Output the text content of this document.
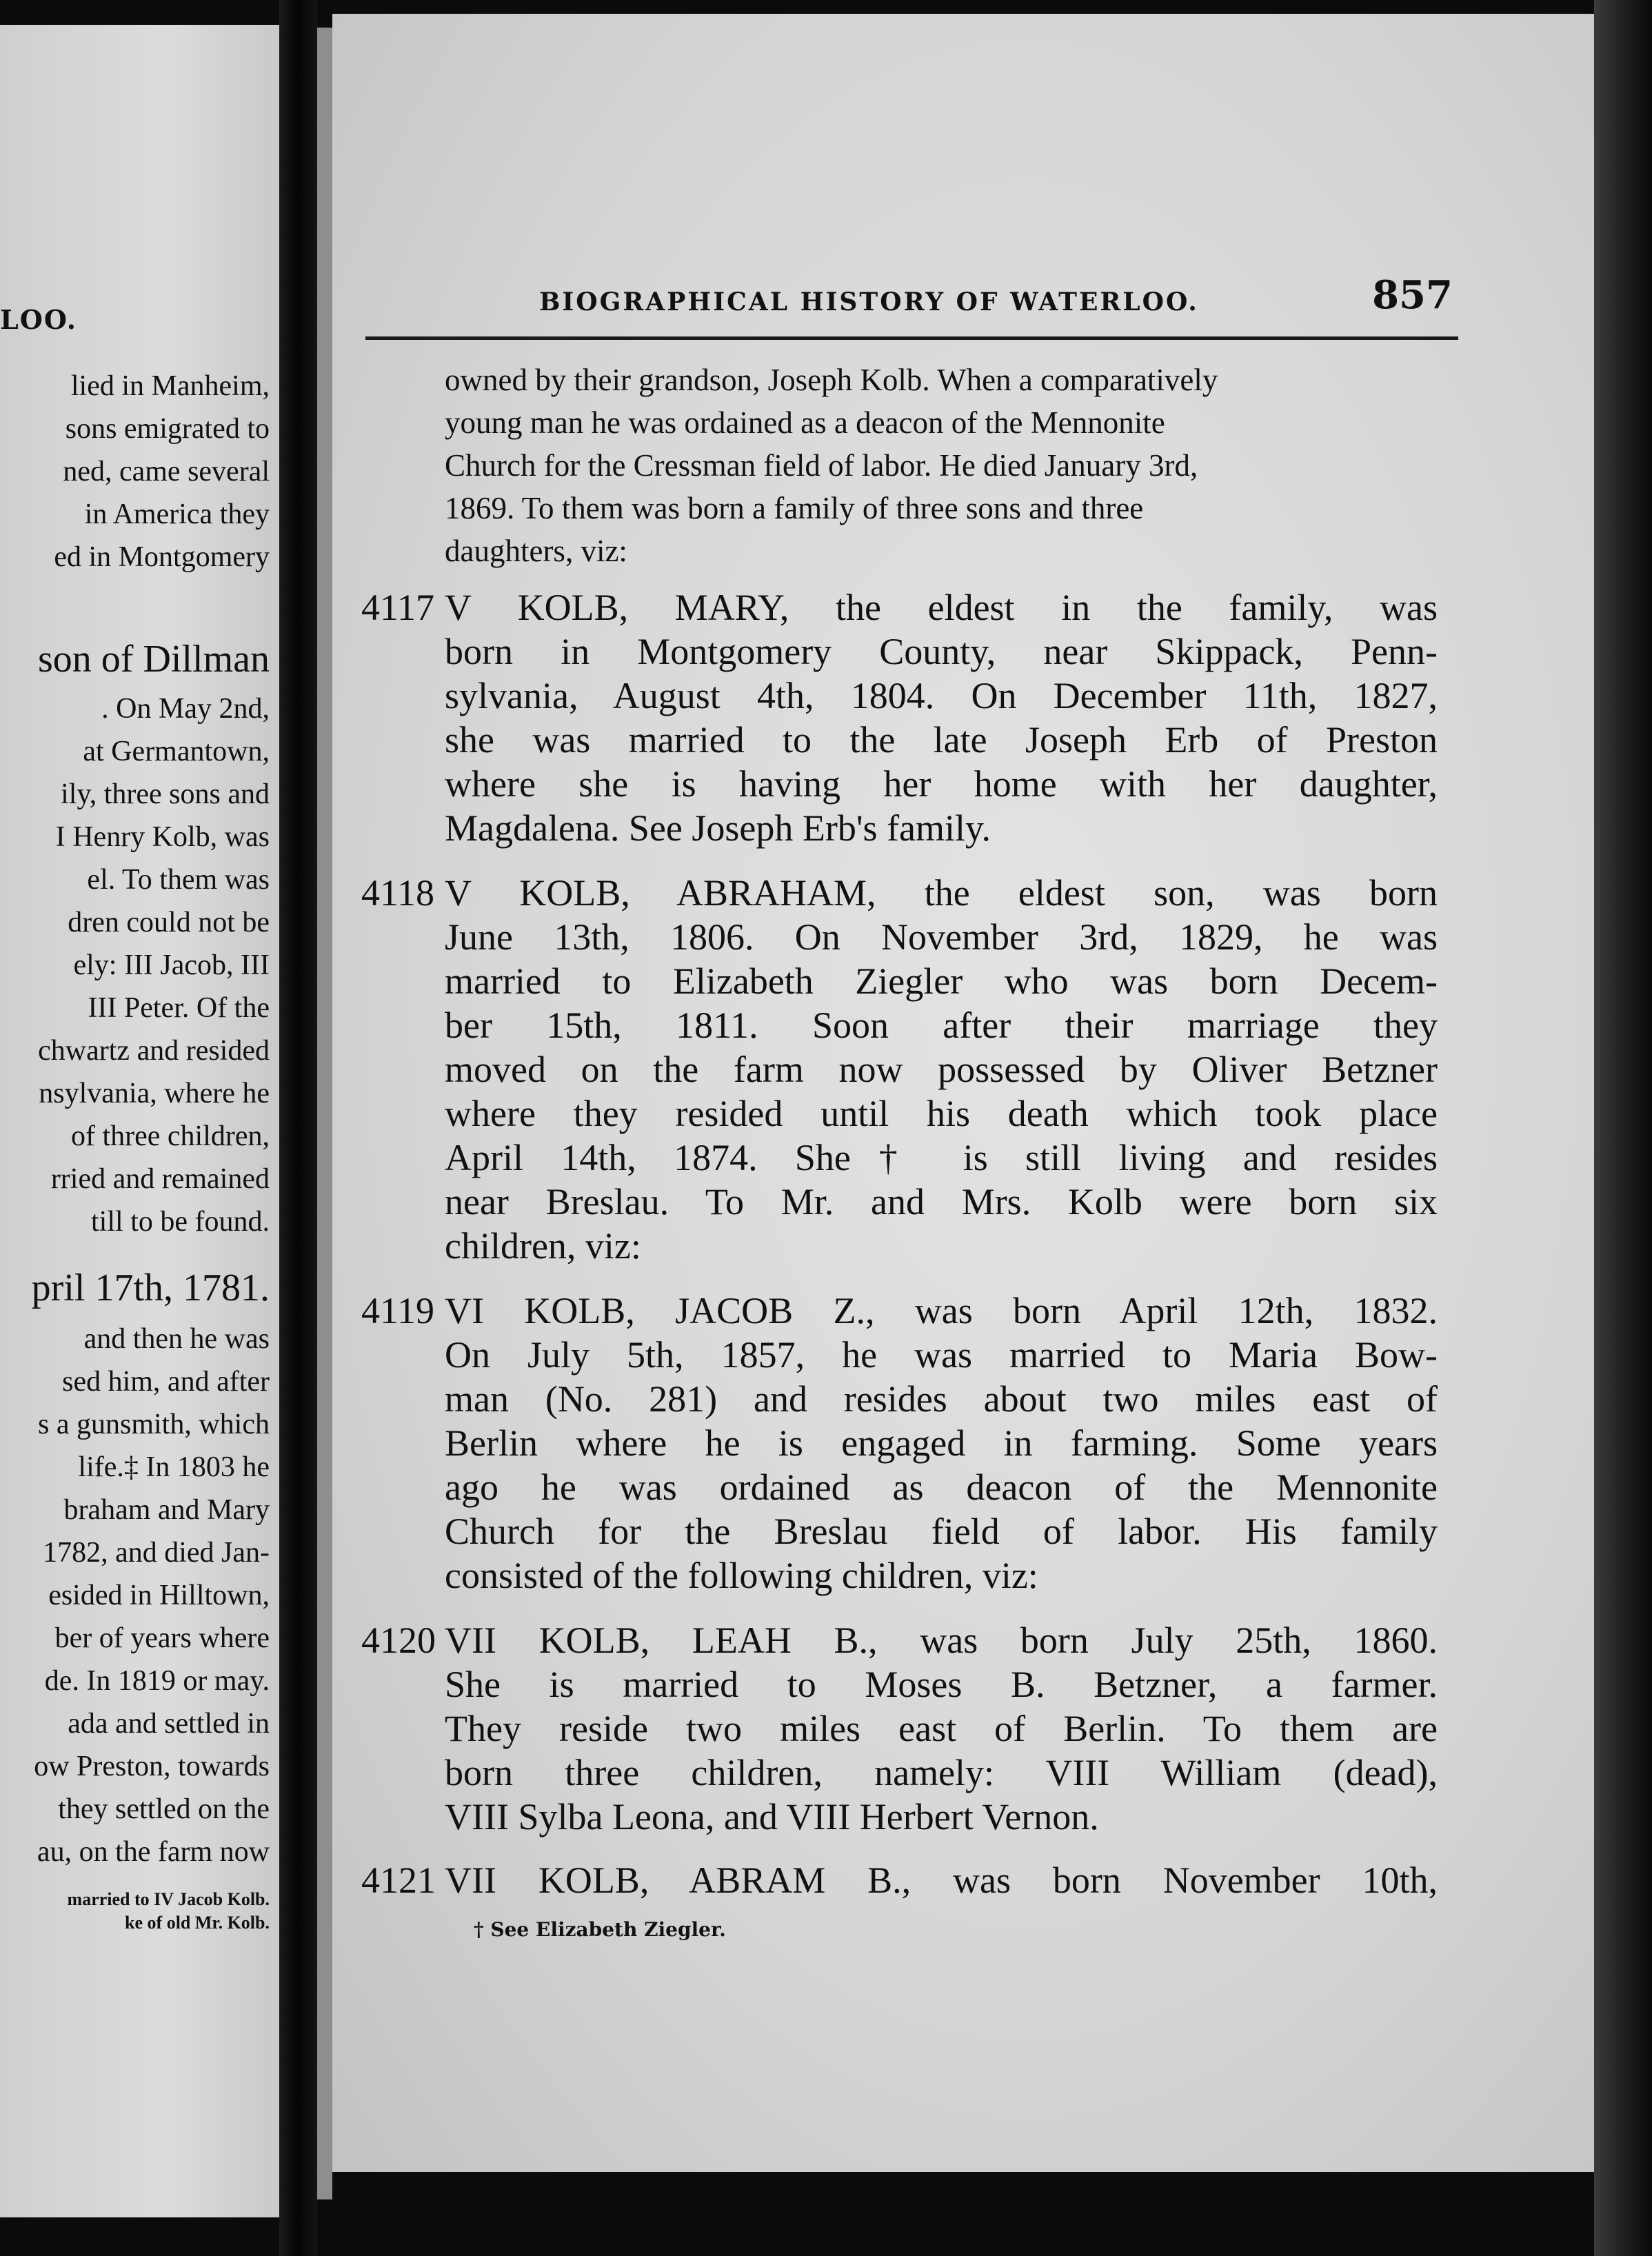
LOO.
lied in Manheim,
sons emigrated to
ned, came several
in America they
ed in Montgomery
son of Dillman
. On May 2nd,
at Germantown,
ily, three sons and
I Henry Kolb, was
el. To them was
dren could not be
ely: III Jacob, III
III Peter. Of the
chwartz and resided
nsylvania, where he
of three children,
rried and remained
till to be found.
pril 17th, 1781.
and then he was
sed him, and after
s a gunsmith, which
life.‡ In 1803 he
braham and Mary
1782, and died Jan-
esided in Hilltown,
ber of years where
de. In 1819 or may.
ada and settled in
ow Preston, towards
they settled on the
au, on the farm now
married to IV Jacob Kolb.
ke of old Mr. Kolb.
BIOGRAPHICAL HISTORY OF WATERLOO.	857
owned by their grandson, Joseph Kolb. When a comparatively
young man he was ordained as a deacon of the Mennonite
Church for the Cressman field of labor. He died January 3rd,
1869. To them was born a family of three sons and three
daughters, viz:
4117 V KOLB, MARY, the eldest in the family, was
born in Montgomery County, near Skippack, Penn-
sylvania, August 4th, 1804. On December 11th, 1827,
she was married to the late Joseph Erb of Preston
where she is having her home with her daughter,
Magdalena. See Joseph Erb's family.
4118 V KOLB, ABRAHAM, the eldest son, was born
June 13th, 1806. On November 3rd, 1829, he was
married to Elizabeth Ziegler who was born Decem-
ber 15th, 1811. Soon after their marriage they
moved on the farm now possessed by Oliver Betzner
where they resided until his death which took place
April 14th, 1874. She† is still living and resides
near Breslau. To Mr. and Mrs. Kolb were born six
children, viz:
4119 VI KOLB, JACOB Z., was born April 12th, 1832.
On July 5th, 1857, he was married to Maria Bow-
man (No. 281) and resides about two miles east of
Berlin where he is engaged in farming. Some years
ago he was ordained as deacon of the Mennonite
Church for the Breslau field of labor. His family
consisted of the following children, viz:
4120 VII KOLB, LEAH B., was born July 25th, 1860.
She is married to Moses B. Betzner, a farmer.
They reside two miles east of Berlin. To them are
born three children, namely: VIII William (dead),
VIII Sylba Leona, and VIII Herbert Vernon.
4121 VII KOLB, ABRAM B., was born November 10th,
† See Elizabeth Ziegler.
